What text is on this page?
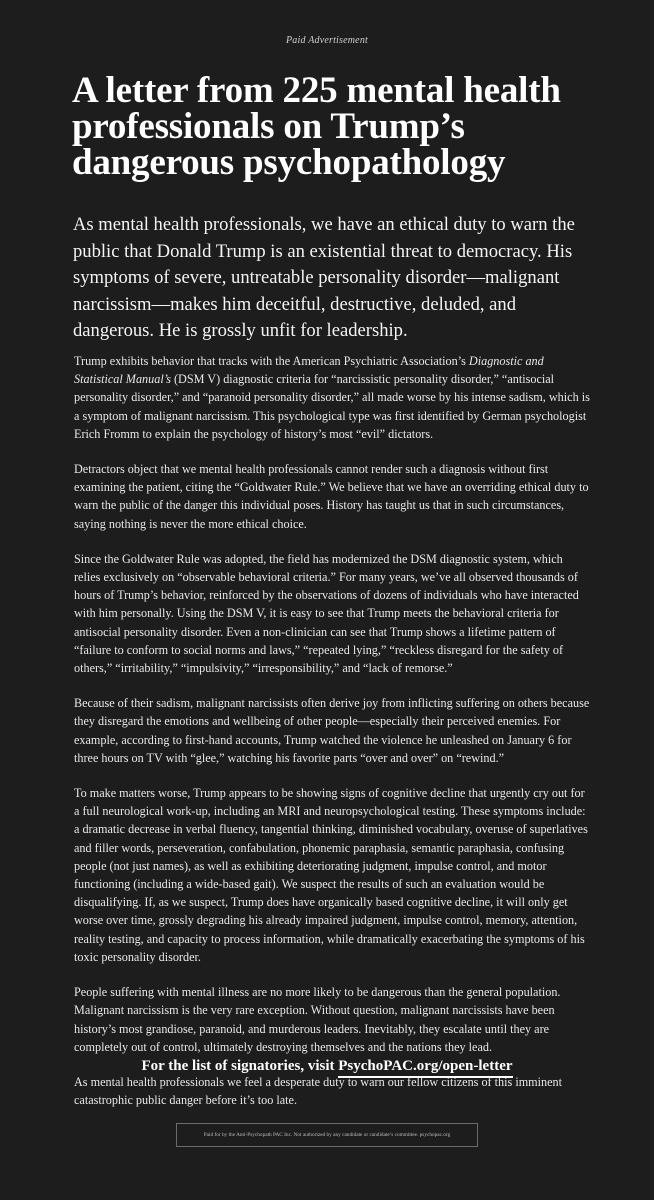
Paid Advertisement
A letter from 225 mental health professionals on Trump’s dangerous psychopathology

As mental health professionals, we have an ethical duty to warn the public that Donald Trump is an existential threat to democracy. His symptoms of severe, untreatable personality disorder—malignant narcissism—makes him deceitful, destructive, deluded, and dangerous. He is grossly unfit for leadership.

Trump exhibits behavior that tracks with the American Psychiatric Association’s Diagnostic and Statistical Manual’s (DSM V) diagnostic criteria for “narcissistic personality disorder,” “antisocial personality disorder,” and “paranoid personality disorder,” all made worse by his intense sadism, which is a symptom of malignant narcissism. This psychological type was first identified by German psychologist Erich Fromm to explain the psychology of history’s most “evil” dictators.

Detractors object that we mental health professionals cannot render such a diagnosis without first examining the patient, citing the “Goldwater Rule.” We believe that we have an overriding ethical duty to warn the public of the danger this individual poses. History has taught us that in such circumstances, saying nothing is never the more ethical choice.

Since the Goldwater Rule was adopted, the field has modernized the DSM diagnostic system, which relies exclusively on “observable behavioral criteria.” For many years, we’ve all observed thousands of hours of Trump’s behavior, reinforced by the observations of dozens of individuals who have interacted with him personally. Using the DSM V, it is easy to see that Trump meets the behavioral criteria for antisocial personality disorder. Even a non-clinician can see that Trump shows a lifetime pattern of “failure to conform to social norms and laws,” “repeated lying,” “reckless disregard for the safety of others,” “irritability,” “impulsivity,” “irresponsibility,” and “lack of remorse.”

Because of their sadism, malignant narcissists often derive joy from inflicting suffering on others because they disregard the emotions and wellbeing of other people—especially their perceived enemies. For example, according to first-hand accounts, Trump watched the violence he unleashed on January 6 for three hours on TV with “glee,” watching his favorite parts “over and over” on “rewind.”

To make matters worse, Trump appears to be showing signs of cognitive decline that urgently cry out for a full neurological work-up, including an MRI and neuropsychological testing. These symptoms include: a dramatic decrease in verbal fluency, tangential thinking, diminished vocabulary, overuse of superlatives and filler words, perseveration, confabulation, phonemic paraphasia, semantic paraphasia, confusing people (not just names), as well as exhibiting deteriorating judgment, impulse control, and motor functioning (including a wide-based gait). We suspect the results of such an evaluation would be disqualifying. If, as we suspect, Trump does have organically based cognitive decline, it will only get worse over time, grossly degrading his already impaired judgment, impulse control, memory, attention, reality testing, and capacity to process information, while dramatically exacerbating the symptoms of his toxic personality disorder.

People suffering with mental illness are no more likely to be dangerous than the general population. Malignant narcissism is the very rare exception. Without question, malignant narcissists have been history’s most grandiose, paranoid, and murderous leaders. Inevitably, they escalate until they are completely out of control, ultimately destroying themselves and the nations they lead.

As mental health professionals we feel a desperate duty to warn our fellow citizens of this imminent catastrophic public danger before it’s too late.

For the list of signatories, visit PsychoPAC.org/open-letter
Paid for by the Anti-Psychopath PAC Inc. Not authorized by any candidate or candidate’s committee. psychopac.org
